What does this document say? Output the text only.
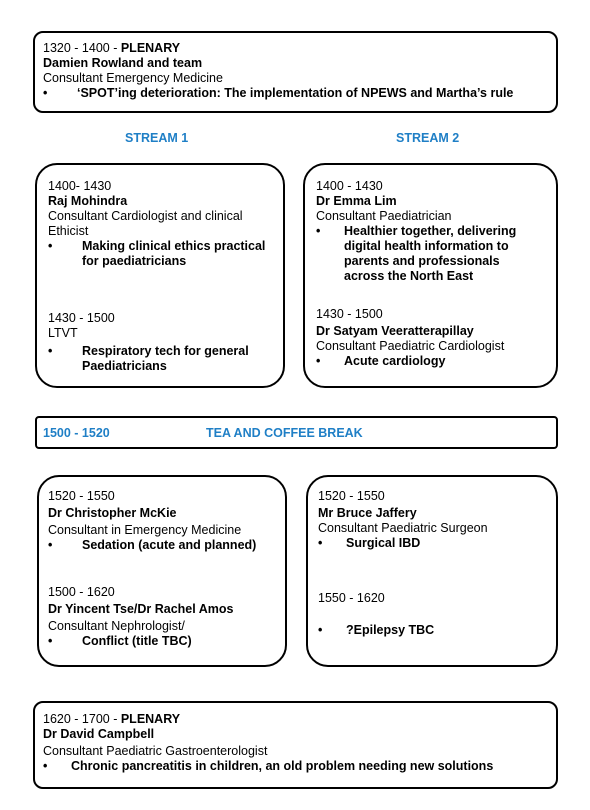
1320 - 1400 - PLENARY
Damien Rowland and team
Consultant Emergency Medicine
•	‘SPOT’ing deterioration: The implementation of NPEWS and Martha’s rule
STREAM 1	STREAM 2
1400- 1430
Raj Mohindra
Consultant Cardiologist and clinical
Ethicist
•	Making clinical ethics practical
for paediatricians
1430 - 1500
LTVT
•	Respiratory tech for general
Paediatricians
1400 - 1430
Dr Emma Lim
Consultant Paediatrician
•	Healthier together, delivering
digital health information to
parents and professionals
across the North East
1430 - 1500
Dr Satyam Veeratterapillay
Consultant Paediatric Cardiologist
•	Acute cardiology
1500 - 1520	TEA AND COFFEE BREAK
1520 - 1550
Dr Christopher McKie
Consultant in Emergency Medicine
•	Sedation (acute and planned)
1500 - 1620
Dr Yincent Tse/Dr Rachel Amos
Consultant Nephrologist/
•	Conflict (title TBC)
1520 - 1550
Mr Bruce Jaffery
Consultant Paediatric Surgeon
•	Surgical IBD
1550 - 1620
•	?Epilepsy TBC
1620 - 1700 - PLENARY
Dr David Campbell
Consultant Paediatric Gastroenterologist
•	Chronic pancreatitis in children, an old problem needing new solutions
